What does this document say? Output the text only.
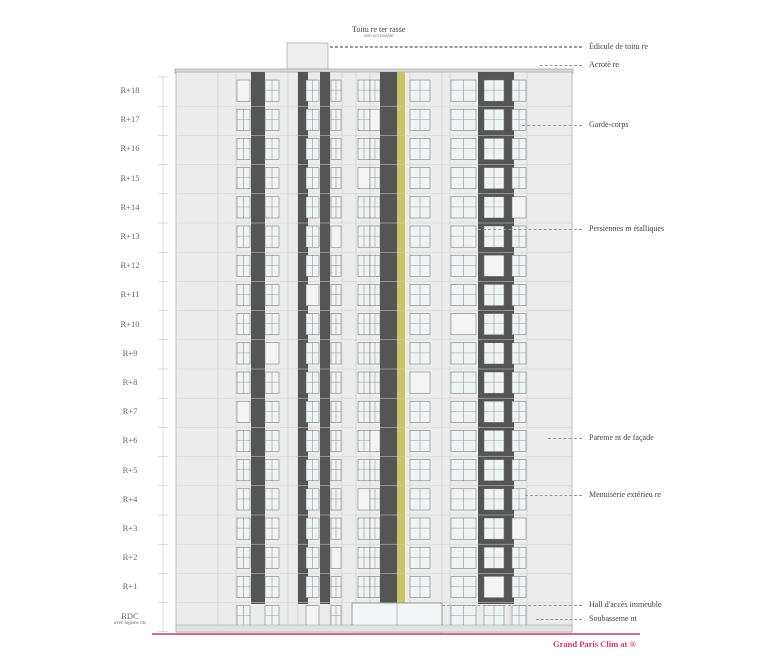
Toitu re ter rasse
non accessible
R+18
R+17
R+16
R+15
R+14
R+13
R+12
R+11
R+10
R+9
R+8
R+7
R+6
R+5
R+4
R+3
R+2
R+1
RDC
avec logeme nts
Édicule de toitu re
Acrotè re
Garde-corps
Persiennes m étalliques
Pareme nt de façade
Menuiserie extérieu re
Hall d'accès immeuble
Soubasseme nt
Grand Paris Clim at ®
